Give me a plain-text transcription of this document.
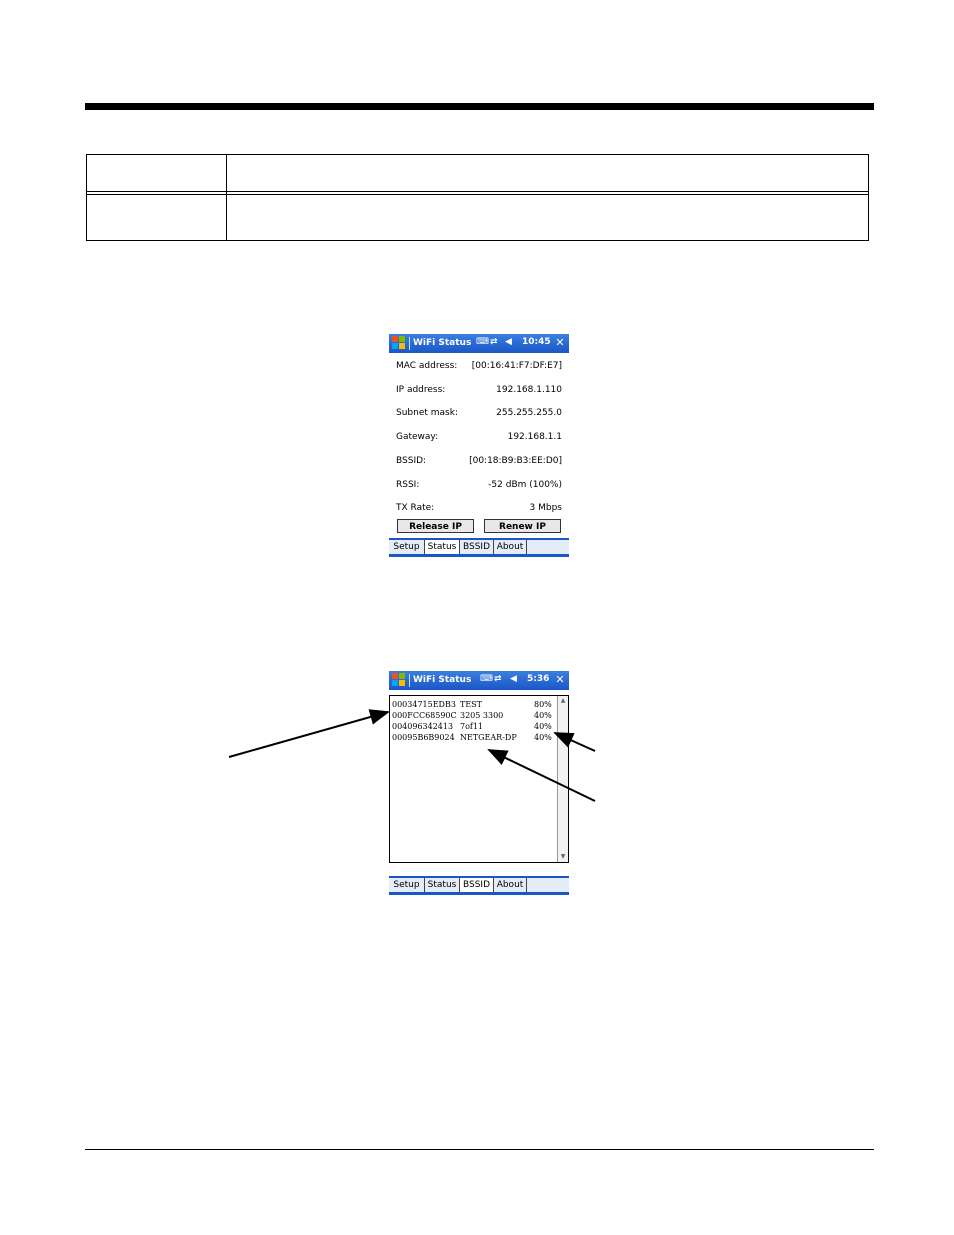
WiFi Status ⌨ ⇄ ◀ 10:45 ✕
MAC address: [00:16:41:F7:DF:E7]
IP address:	192.168.1.110
Subnet mask:	255.255.255.0
Gateway:	192.168.1.1
BSSID:	[00:18:B9:B3:EE:D0]
RSSI:	-52 dBm (100%)
TX Rate:	3 Mbps
Release IP	Renew IP
Setup Status BSSID About
WiFi Status ⌨ ⇄ ◀ 5:36 ✕
00034715EDB3 TEST	80%
000FCC68590C 3205 3300	40%
004096342413 7of11	40%
00095B6B9024 NETGEAR-DP 40%
▲
▼
Setup Status BSSID About
